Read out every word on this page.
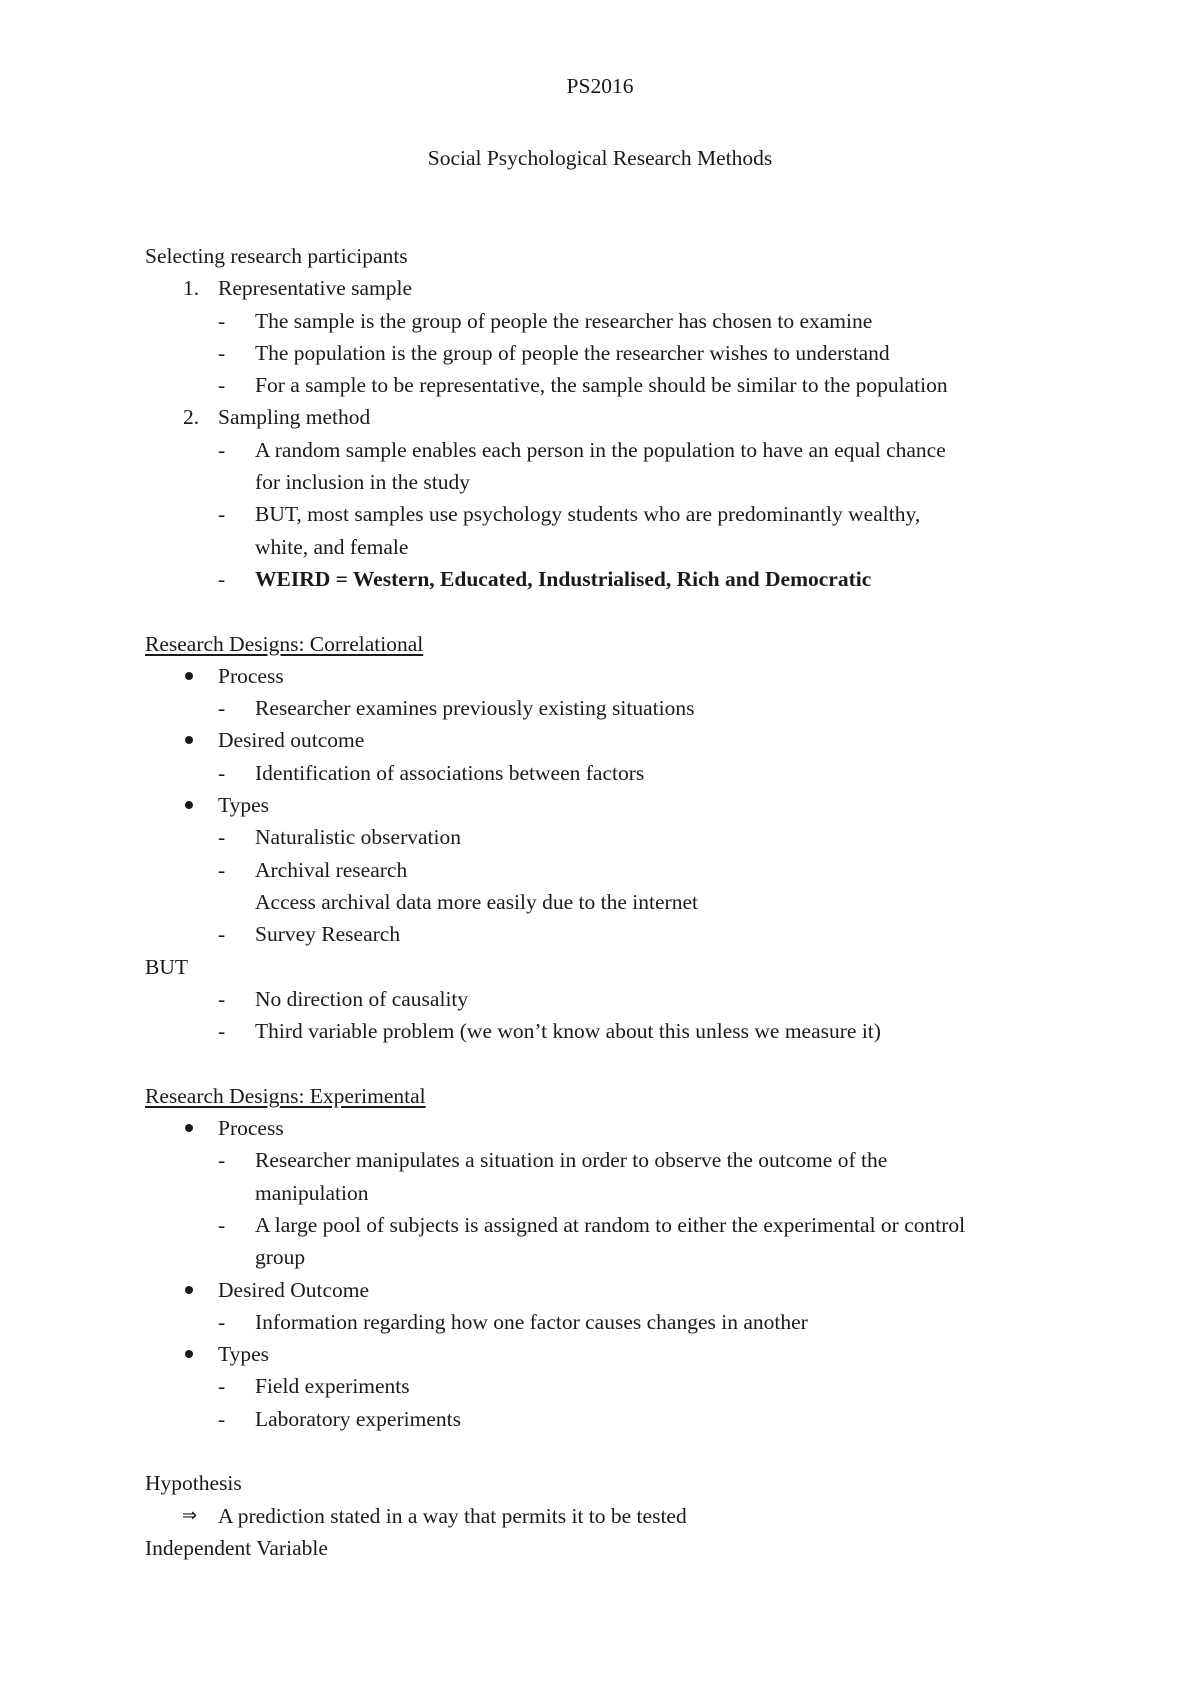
PS2016
Social Psychological Research Methods
Selecting research participants
1. Representative sample
- The sample is the group of people the researcher has chosen to examine
- The population is the group of people the researcher wishes to understand
- For a sample to be representative, the sample should be similar to the population
2. Sampling method
- A random sample enables each person in the population to have an equal chance
for inclusion in the study
- BUT, most samples use psychology students who are predominantly wealthy,
white, and female
- WEIRD = Western, Educated, Industrialised, Rich and Democratic
Research Designs: Correlational
Process
- Researcher examines previously existing situations
Desired outcome
- Identification of associations between factors
Types
- Naturalistic observation
- Archival research
Access archival data more easily due to the internet
- Survey Research
BUT
- No direction of causality
- Third variable problem (we won’t know about this unless we measure it)
Research Designs: Experimental
Process
- Researcher manipulates a situation in order to observe the outcome of the
manipulation
- A large pool of subjects is assigned at random to either the experimental or control
group
Desired Outcome
- Information regarding how one factor causes changes in another
Types
- Field experiments
- Laboratory experiments
Hypothesis
⇒ A prediction stated in a way that permits it to be tested
Independent Variable
